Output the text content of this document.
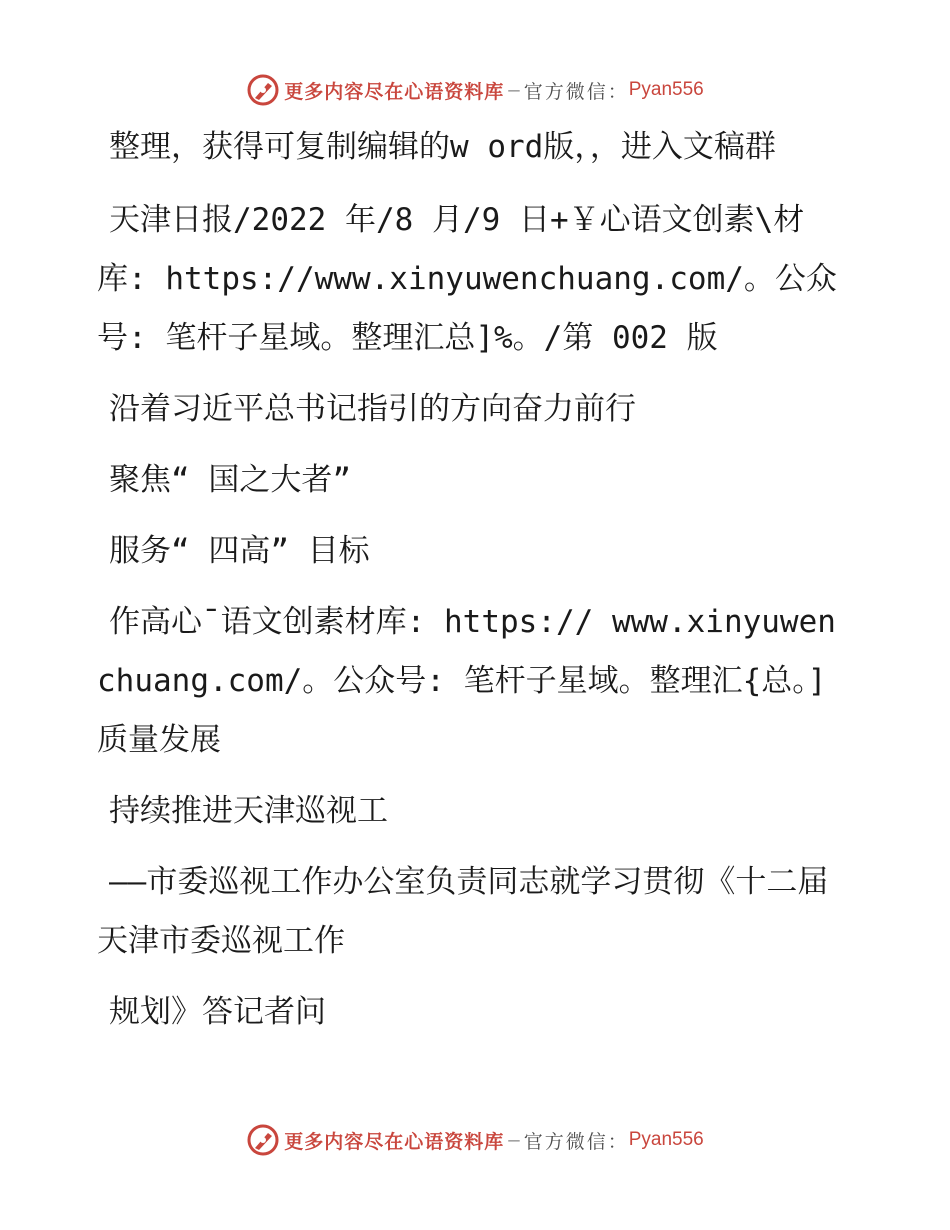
更多内容尽在心语资料库 — 官方微信： Pyan556

整理，获得可复制编辑的w ord版，，进入文稿群

天津日报/2022 年/8 月/9 日+￥心语文创素\材库: https://www.xinyuwenchuang.com/。公众号: 笔杆子星域。整理汇总]%。/第 002 版

沿着习近平总书记指引的方向奋力前行

聚焦“ 国之大者”

服务“ 四高” 目标

作高心¯语文创素材库: https:// www.xinyuwenchuang.com/。公众号: 笔杆子星域。整理汇{总。]质量发展

持续推进天津巡视工

——市委巡视工作办公室负责同志就学习贯彻《十二届天津市委巡视工作

规划》答记者问

更多内容尽在心语资料库 — 官方微信： Pyan556
